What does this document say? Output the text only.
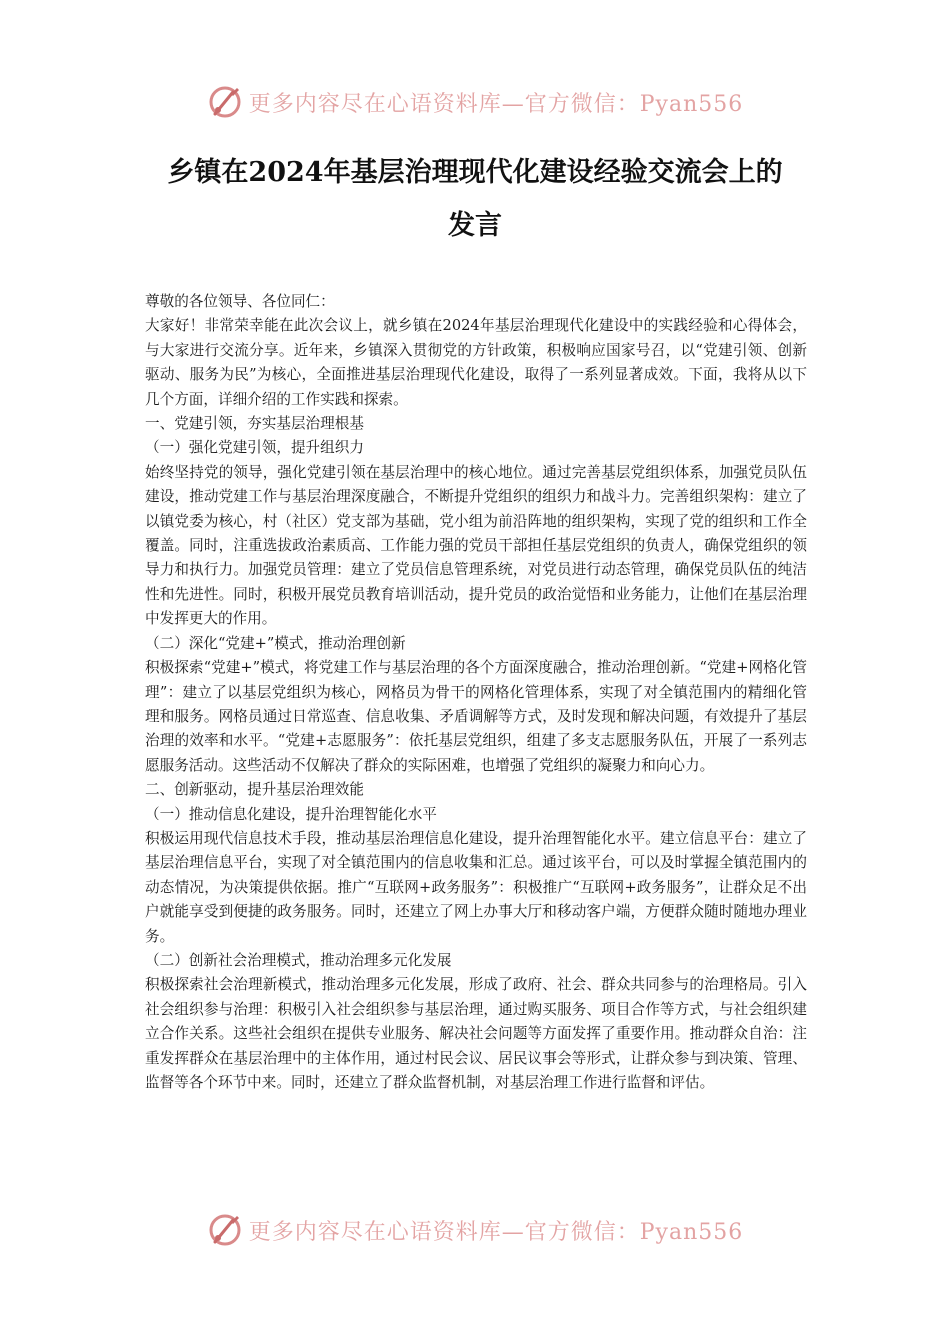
更多内容尽在心语资料库—官方微信：Pyan556
乡镇在2024年基层治理现代化建设经验交流会上的
发言

尊敬的各位领导、各位同仁：

大家好！非常荣幸能在此次会议上，就乡镇在2024年基层治理现代化建设中的实践经验和心得体会，与大家进行交流分享。近年来，乡镇深入贯彻党的方针政策，积极响应国家号召，以“党建引领、创新驱动、服务为民”为核心，全面推进基层治理现代化建设，取得了一系列显著成效。下面，我将从以下几个方面，详细介绍的工作实践和探索。

一、党建引领，夯实基层治理根基

（一）强化党建引领，提升组织力

始终坚持党的领导，强化党建引领在基层治理中的核心地位。通过完善基层党组织体系，加强党员队伍建设，推动党建工作与基层治理深度融合，不断提升党组织的组织力和战斗力。完善组织架构：建立了以镇党委为核心，村（社区）党支部为基础，党小组为前沿阵地的组织架构，实现了党的组织和工作全覆盖。同时，注重选拔政治素质高、工作能力强的党员干部担任基层党组织的负责人，确保党组织的领导力和执行力。加强党员管理：建立了党员信息管理系统，对党员进行动态管理，确保党员队伍的纯洁性和先进性。同时，积极开展党员教育培训活动，提升党员的政治觉悟和业务能力，让他们在基层治理中发挥更大的作用。

（二）深化“党建+”模式，推动治理创新

积极探索“党建+”模式，将党建工作与基层治理的各个方面深度融合，推动治理创新。“党建+网格化管理”：建立了以基层党组织为核心，网格员为骨干的网格化管理体系，实现了对全镇范围内的精细化管理和服务。网格员通过日常巡查、信息收集、矛盾调解等方式，及时发现和解决问题，有效提升了基层治理的效率和水平。“党建+志愿服务”：依托基层党组织，组建了多支志愿服务队伍，开展了一系列志愿服务活动。这些活动不仅解决了群众的实际困难，也增强了党组织的凝聚力和向心力。

二、创新驱动，提升基层治理效能

（一）推动信息化建设，提升治理智能化水平

积极运用现代信息技术手段，推动基层治理信息化建设，提升治理智能化水平。建立信息平台：建立了基层治理信息平台，实现了对全镇范围内的信息收集和汇总。通过该平台，可以及时掌握全镇范围内的动态情况，为决策提供依据。推广“互联网+政务服务”：积极推广“互联网+政务服务”，让群众足不出户就能享受到便捷的政务服务。同时，还建立了网上办事大厅和移动客户端，方便群众随时随地办理业务。

（二）创新社会治理模式，推动治理多元化发展

积极探索社会治理新模式，推动治理多元化发展，形成了政府、社会、群众共同参与的治理格局。引入社会组织参与治理：积极引入社会组织参与基层治理，通过购买服务、项目合作等方式，与社会组织建立合作关系。这些社会组织在提供专业服务、解决社会问题等方面发挥了重要作用。推动群众自治：注重发挥群众在基层治理中的主体作用，通过村民会议、居民议事会等形式，让群众参与到决策、管理、监督等各个环节中来。同时，还建立了群众监督机制，对基层治理工作进行监督和评估。

更多内容尽在心语资料库—官方微信：Pyan556
